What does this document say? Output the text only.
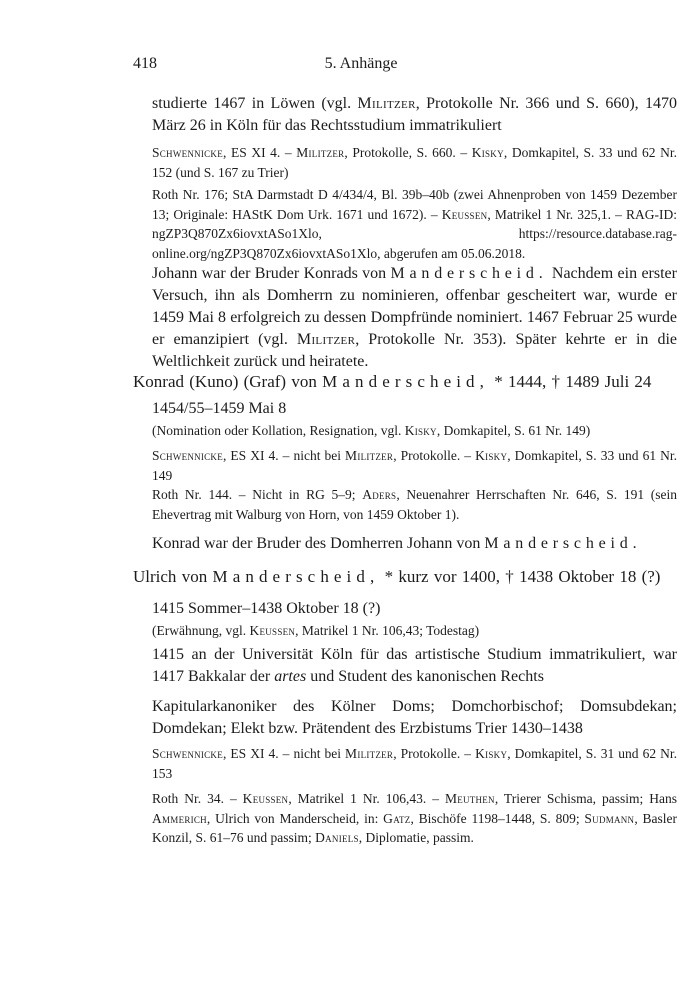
418	5. Anhänge

studierte 1467 in Löwen (vgl. Militzer, Protokolle Nr. 366 und S. 660), 1470 März 26 in Köln für das Rechtsstudium immatrikuliert

Schwennicke, ES XI 4. – Militzer, Protokolle, S. 660. – Kisky, Domkapitel, S. 33 und 62 Nr. 152 (und S. 167 zu Trier)

Roth Nr. 176; StA Darmstadt D 4/434/4, Bl. 39b–40b (zwei Ahnenproben von 1459 Dezember 13; Originale: HAStK Dom Urk. 1671 und 1672). – Keussen, Matrikel 1 Nr. 325,1. – RAG-ID: ngZP3Q870Zx6iovxtASo1Xlo, https://resource.database.rag-online.org/ngZP3Q870Zx6iovxtASo1Xlo, abgerufen am 05.06.2018.

Johann war der Bruder Konrads von Manderscheid. Nachdem ein erster Versuch, ihn als Domherrn zu nominieren, offenbar gescheitert war, wurde er 1459 Mai 8 erfolgreich zu dessen Dompfründe nominiert. 1467 Februar 25 wurde er emanzipiert (vgl. Militzer, Protokolle Nr. 353). Später kehrte er in die Weltlichkeit zurück und heiratete.

Konrad (Kuno) (Graf) von Manderscheid, * 1444, † 1489 Juli 24

1454/55–1459 Mai 8

(Nomination oder Kollation, Resignation, vgl. Kisky, Domkapitel, S. 61 Nr. 149)

Schwennicke, ES XI 4. – nicht bei Militzer, Protokolle. – Kisky, Domkapitel, S. 33 und 61 Nr. 149

Roth Nr. 144. – Nicht in RG 5–9; Aders, Neuenahrer Herrschaften Nr. 646, S. 191 (sein Ehevertrag mit Walburg von Horn, von 1459 Oktober 1).

Konrad war der Bruder des Domherren Johann von Manderscheid.

Ulrich von Manderscheid, * kurz vor 1400, † 1438 Oktober 18 (?)

1415 Sommer–1438 Oktober 18 (?)

(Erwähnung, vgl. Keussen, Matrikel 1 Nr. 106,43; Todestag)

1415 an der Universität Köln für das artistische Studium immatrikuliert, war 1417 Bakkalar der artes und Student des kanonischen Rechts

Kapitularkanoniker des Kölner Doms; Domchorbischof; Domsubdekan; Domdekan; Elekt bzw. Prätendent des Erzbistums Trier 1430–1438

Schwennicke, ES XI 4. – nicht bei Militzer, Protokolle. – Kisky, Domkapitel, S. 31 und 62 Nr. 153

Roth Nr. 34. – Keussen, Matrikel 1 Nr. 106,43. – Meuthen, Trierer Schisma, passim; Hans Ammerich, Ulrich von Manderscheid, in: Gatz, Bischöfe 1198–1448, S. 809; Sudmann, Basler Konzil, S. 61–76 und passim; Daniels, Diplomatie, passim.
